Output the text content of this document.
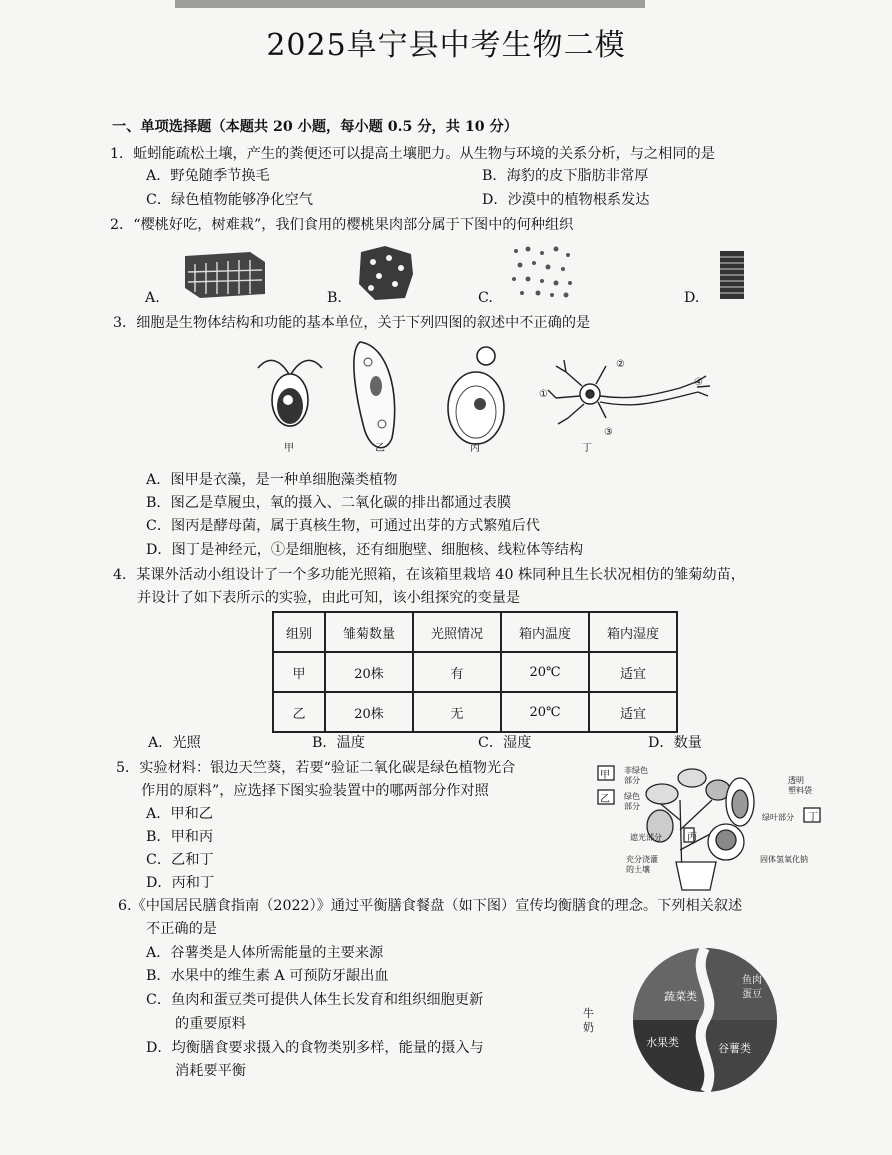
2025阜宁县中考生物二模
一、单项选择题（本题共 20 小题，每小题 0.5 分，共 10 分）
1．蚯蚓能疏松土壤，产生的粪便还可以提高土壤肥力。从生物与环境的关系分析，与之相同的是
A．野兔随季节换毛	B．海豹的皮下脂肪非常厚
C．绿色植物能够净化空气	D．沙漠中的植物根系发达
2．“樱桃好吃，树难栽”，我们食用的樱桃果肉部分属于下图中的何种组织
A.	B.	C.	D.
3．细胞是生物体结构和功能的基本单位，关于下列四图的叙述中不正确的是
②
①
③
④
甲	乙	丙	丁
A．图甲是衣藻，是一种单细胞藻类植物
B．图乙是草履虫，氧的摄入、二氧化碳的排出都通过表膜
C．图丙是酵母菌，属于真核生物，可通过出芽的方式繁殖后代
D．图丁是神经元，①是细胞核，还有细胞壁、细胞核、线粒体等结构
4．某课外活动小组设计了一个多功能光照箱，在该箱里栽培 40 株同种且生长状况相仿的雏菊幼苗，
并设计了如下表所示的实验，由此可知，该小组探究的变量是
组别	雏菊数量	光照情况	箱内温度	箱内湿度
甲	20株	有	20℃	适宜
乙	20株	无	20℃	适宜
A．光照	B．温度	C．湿度	D．数量
5．实验材料：银边天竺葵，若要“验证二氧化碳是绿色植物光合
作用的原料”，应选择下图实验装置中的哪两部分作对照
A．甲和乙
B．甲和丙
C．乙和丁
D．丙和丁
甲
乙
丙
丁
非绿色
部分
绿色
部分
透明
塑料袋
绿叶部分
遮光部分
充分浇灌
的土壤
固体氢氧化钠
6.《中国居民膳食指南（2022）》通过平衡膳食餐盘（如下图）宣传均衡膳食的理念。下列相关叙述
不正确的是
A．谷薯类是人体所需能量的主要来源
B．水果中的维生素 A 可预防牙龈出血
C．鱼肉和蛋豆类可提供人体生长发育和组织细胞更新
的重要原料
D．均衡膳食要求摄入的食物类别多样，能量的摄入与
消耗要平衡
牛
奶
蔬菜类
鱼肉
蛋豆
水果类	谷薯类
